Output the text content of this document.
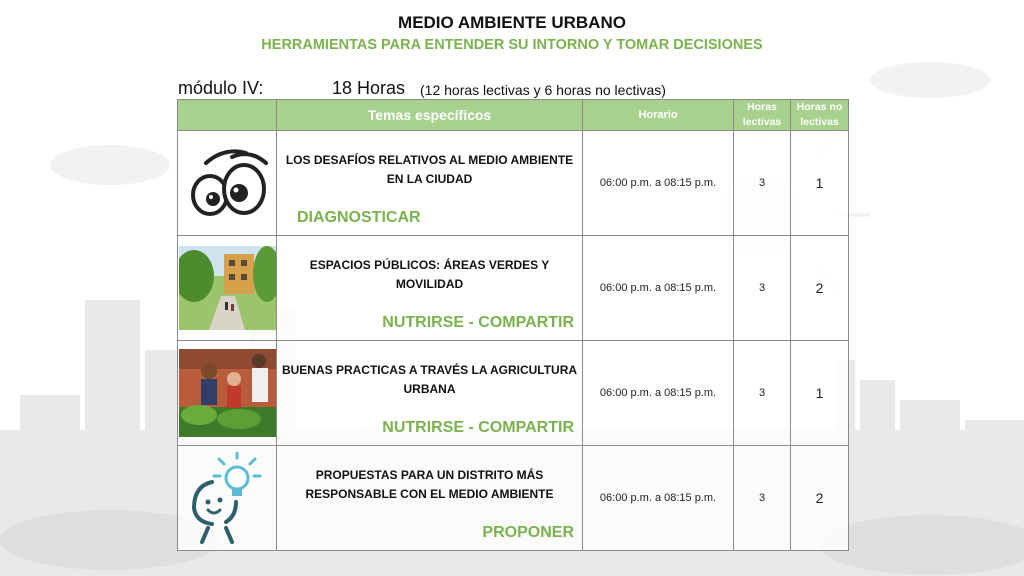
MEDIO AMBIENTE URBANO
HERRAMIENTAS PARA ENTENDER SU INTORNO Y TOMAR DECISIONES
módulo IV:	18 Horas (12 horas lectivas y 6 horas no lectivas)
	Temas específicos	Horario	Horas lectivas	Horas no lectivas

LOS DESAFÍOS RELATIVOS AL MEDIO AMBIENTE EN LA CIUDAD
DIAGNOSTICAR	06:00 p.m. a 08:15 p.m.	3	1

ESPACIOS PÚBLICOS: ÁREAS VERDES Y MOVILIDAD
NUTRIRSE - COMPARTIR	06:00 p.m. a 08:15 p.m.	3	2

BUENAS PRACTICAS A TRAVÉS LA AGRICULTURA URBANA
NUTRIRSE - COMPARTIR	06:00 p.m. a 08:15 p.m.	3	1

PROPUESTAS PARA UN DISTRITO MÁS RESPONSABLE CON EL MEDIO AMBIENTE
PROPONER	06:00 p.m. a 08:15 p.m.	3	2
